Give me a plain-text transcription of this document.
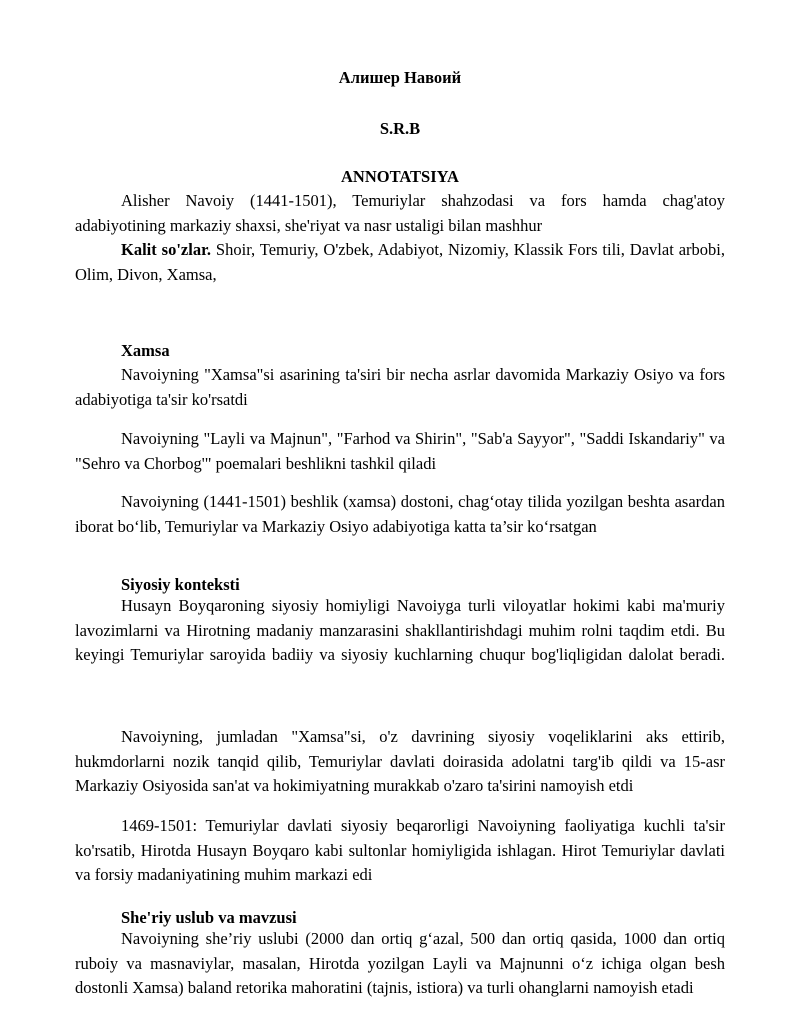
Алишер Навоий

S.R.B

ANNOTATSIYA

Alisher Navoiy (1441-1501), Temuriylar shahzodasi va fors hamda chag'atoy adabiyotining markaziy shaxsi, she'riyat va nasr ustaligi bilan mashhur

Kalit so'zlar. Shoir, Temuriy, O'zbek, Adabiyot, Nizomiy, Klassik Fors tili, Davlat arbobi, Olim, Divon, Xamsa,

Xamsa

Navoiyning "Xamsa"si asarining ta'siri bir necha asrlar davomida Markaziy Osiyo va fors adabiyotiga ta'sir ko'rsatdi

Navoiyning "Layli va Majnun", "Farhod va Shirin", "Sab'a Sayyor", "Saddi Iskandariy" va "Sehro va Chorbog'" poemalari beshlikni tashkil qiladi

Navoiyning (1441-1501) beshlik (xamsa) dostoni, chag‘otay tilida yozilgan beshta asardan iborat bo‘lib, Temuriylar va Markaziy Osiyo adabiyotiga katta ta’sir ko‘rsatgan

Siyosiy konteksti

Husayn Boyqaroning siyosiy homiyligi Navoiyga turli viloyatlar hokimi kabi ma'muriy lavozimlarni va Hirotning madaniy manzarasini shakllantirishdagi muhim rolni taqdim etdi. Bu keyingi Temuriylar saroyida badiiy va siyosiy kuchlarning chuqur bog'liqligidan dalolat beradi.

Navoiyning, jumladan "Xamsa"si, o'z davrining siyosiy voqeliklarini aks ettirib, hukmdorlarni nozik tanqid qilib, Temuriylar davlati doirasida adolatni targ'ib qildi va 15-asr Markaziy Osiyosida san'at va hokimiyatning murakkab o'zaro ta'sirini namoyish etdi

1469-1501: Temuriylar davlati siyosiy beqarorligi Navoiyning faoliyatiga kuchli ta'sir ko'rsatib, Hirotda Husayn Boyqaro kabi sultonlar homiyligida ishlagan. Hirot Temuriylar davlati va forsiy madaniyatining muhim markazi edi

She'riy uslub va mavzusi

Navoiyning she’riy uslubi (2000 dan ortiq g‘azal, 500 dan ortiq qasida, 1000 dan ortiq ruboiy va masnaviylar, masalan, Hirotda yozilgan Layli va Majnunni o‘z ichiga olgan besh dostonli Xamsa) baland retorika mahoratini (tajnis, istiora) va turli ohanglarni namoyish etadi
